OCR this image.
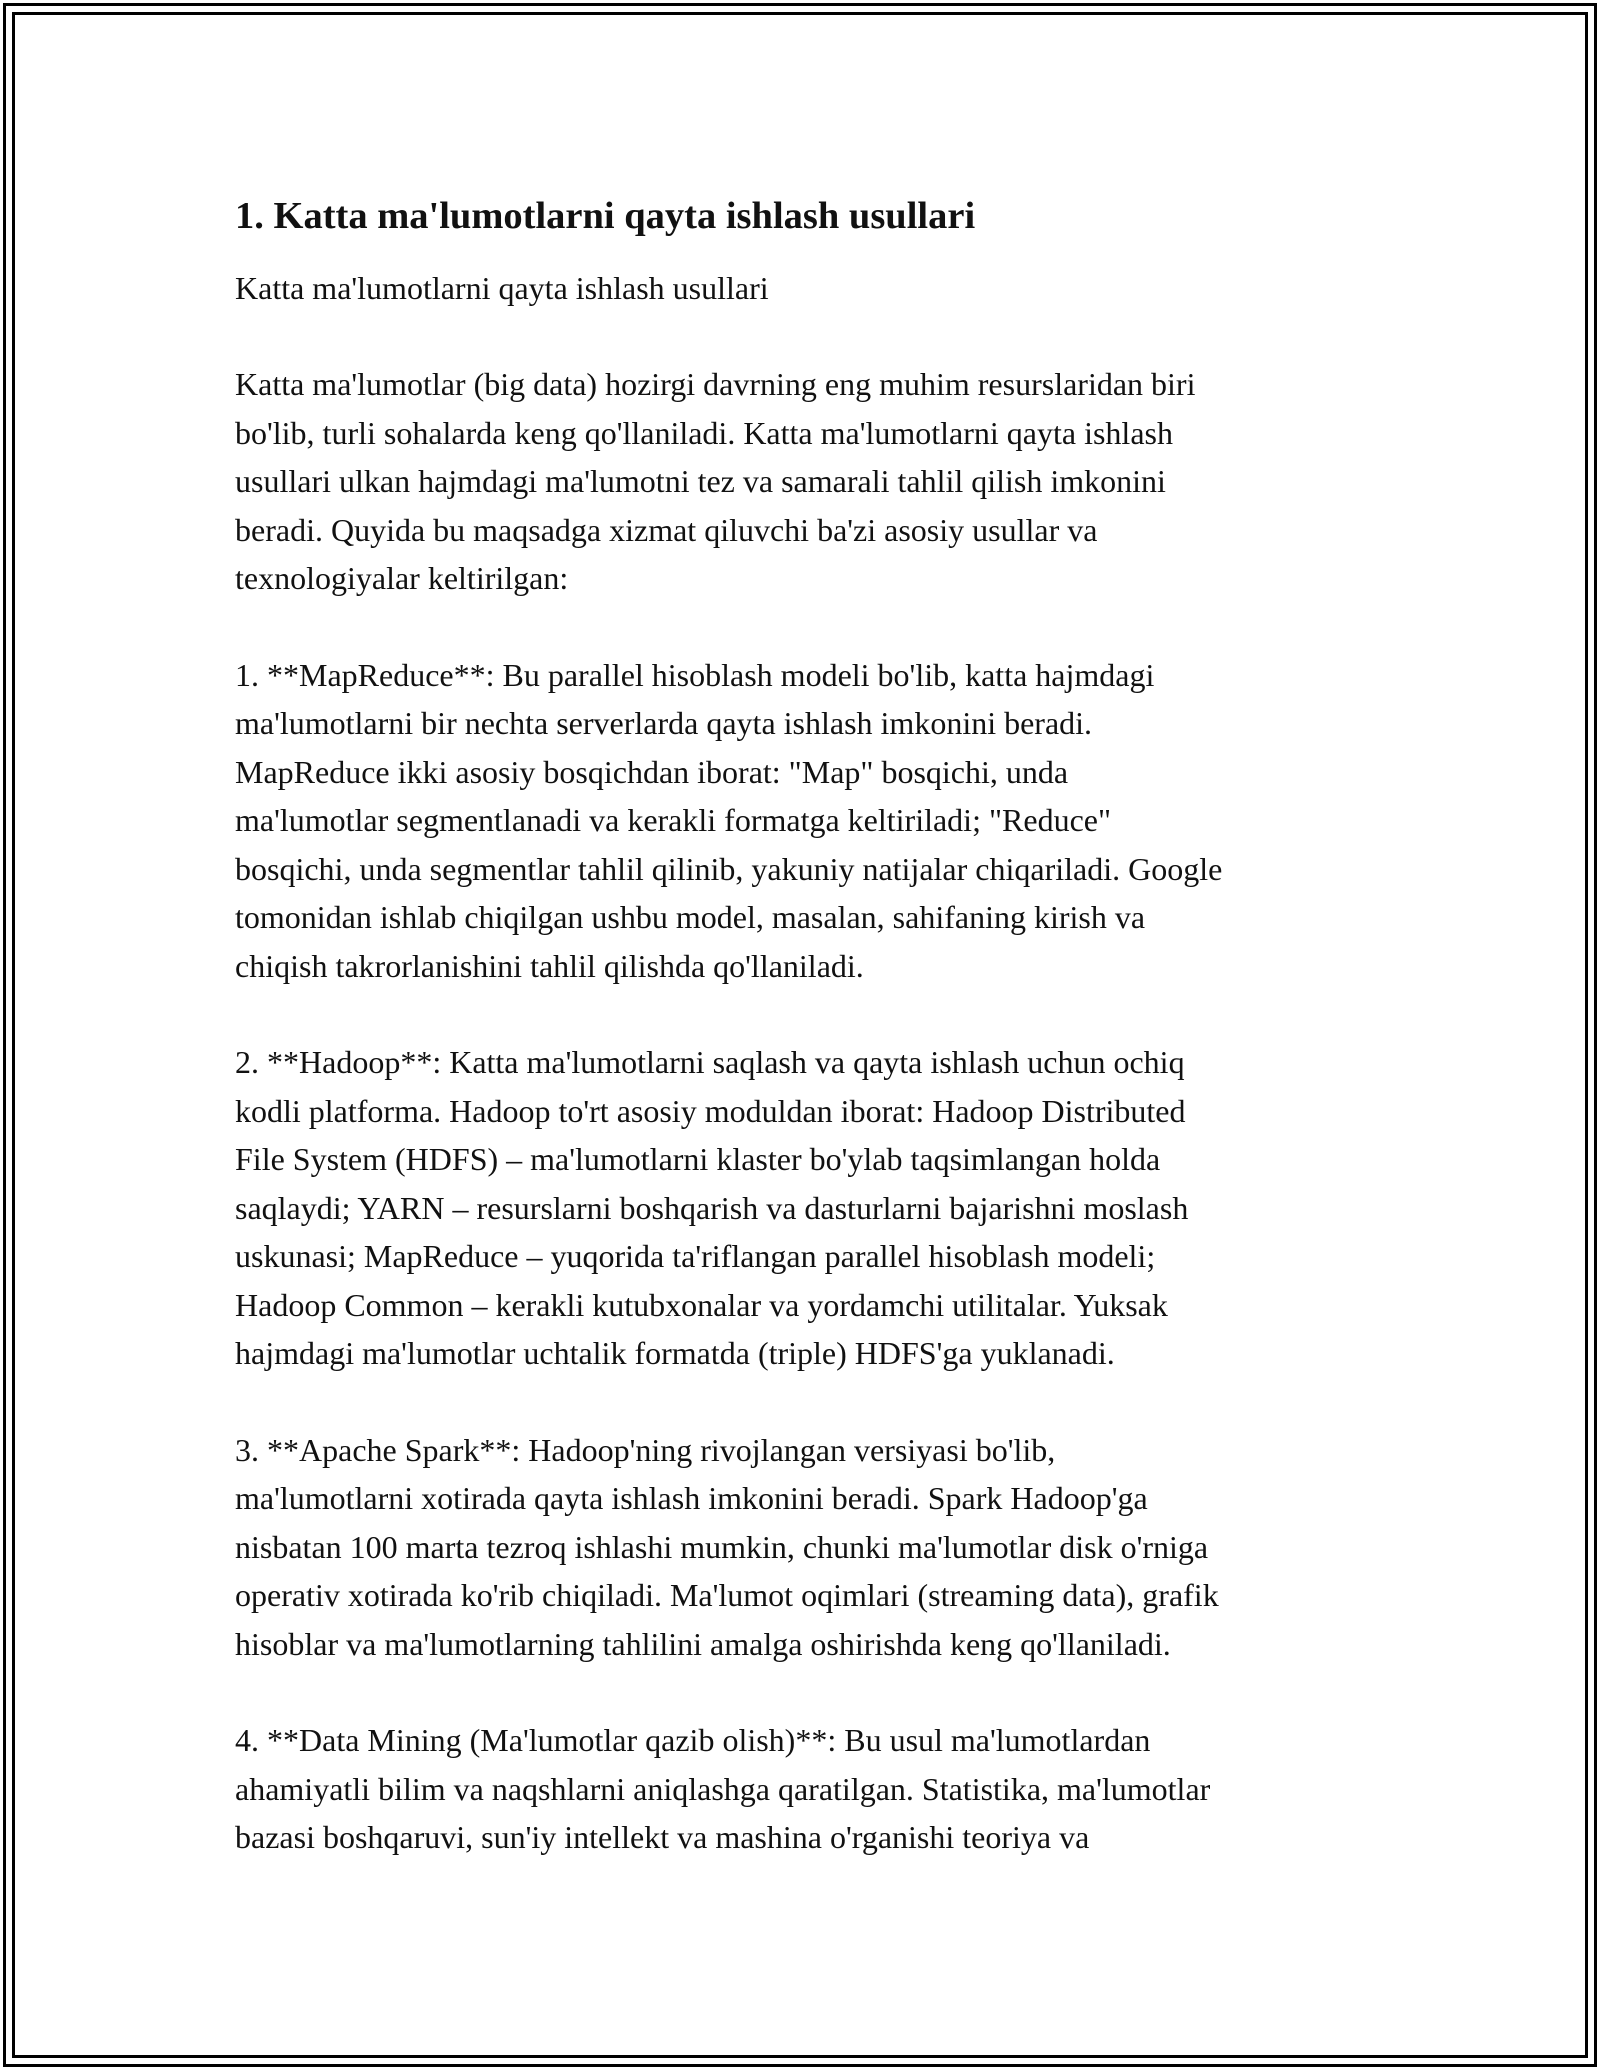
1. Katta ma'lumotlarni qayta ishlash usullari

Katta ma'lumotlarni qayta ishlash usullari

Katta ma'lumotlar (big data) hozirgi davrning eng muhim resurslaridan biri
bo'lib, turli sohalarda keng qo'llaniladi. Katta ma'lumotlarni qayta ishlash
usullari ulkan hajmdagi ma'lumotni tez va samarali tahlil qilish imkonini
beradi. Quyida bu maqsadga xizmat qiluvchi ba'zi asosiy usullar va
texnologiyalar keltirilgan:

1. **MapReduce**: Bu parallel hisoblash modeli bo'lib, katta hajmdagi
ma'lumotlarni bir nechta serverlarda qayta ishlash imkonini beradi.
MapReduce ikki asosiy bosqichdan iborat: "Map" bosqichi, unda
ma'lumotlar segmentlanadi va kerakli formatga keltiriladi; "Reduce"
bosqichi, unda segmentlar tahlil qilinib, yakuniy natijalar chiqariladi. Google
tomonidan ishlab chiqilgan ushbu model, masalan, sahifaning kirish va
chiqish takrorlanishini tahlil qilishda qo'llaniladi.

2. **Hadoop**: Katta ma'lumotlarni saqlash va qayta ishlash uchun ochiq
kodli platforma. Hadoop to'rt asosiy moduldan iborat: Hadoop Distributed
File System (HDFS) – ma'lumotlarni klaster bo'ylab taqsimlangan holda
saqlaydi; YARN – resurslarni boshqarish va dasturlarni bajarishni moslash
uskunasi; MapReduce – yuqorida ta'riflangan parallel hisoblash modeli;
Hadoop Common – kerakli kutubxonalar va yordamchi utilitalar. Yuksak
hajmdagi ma'lumotlar uchtalik formatda (triple) HDFS'ga yuklanadi.

3. **Apache Spark**: Hadoop'ning rivojlangan versiyasi bo'lib,
ma'lumotlarni xotirada qayta ishlash imkonini beradi. Spark Hadoop'ga
nisbatan 100 marta tezroq ishlashi mumkin, chunki ma'lumotlar disk o'rniga
operativ xotirada ko'rib chiqiladi. Ma'lumot oqimlari (streaming data), grafik
hisoblar va ma'lumotlarning tahlilini amalga oshirishda keng qo'llaniladi.

4. **Data Mining (Ma'lumotlar qazib olish)**: Bu usul ma'lumotlardan
ahamiyatli bilim va naqshlarni aniqlashga qaratilgan. Statistika, ma'lumotlar
bazasi boshqaruvi, sun'iy intellekt va mashina o'rganishi teoriya va
